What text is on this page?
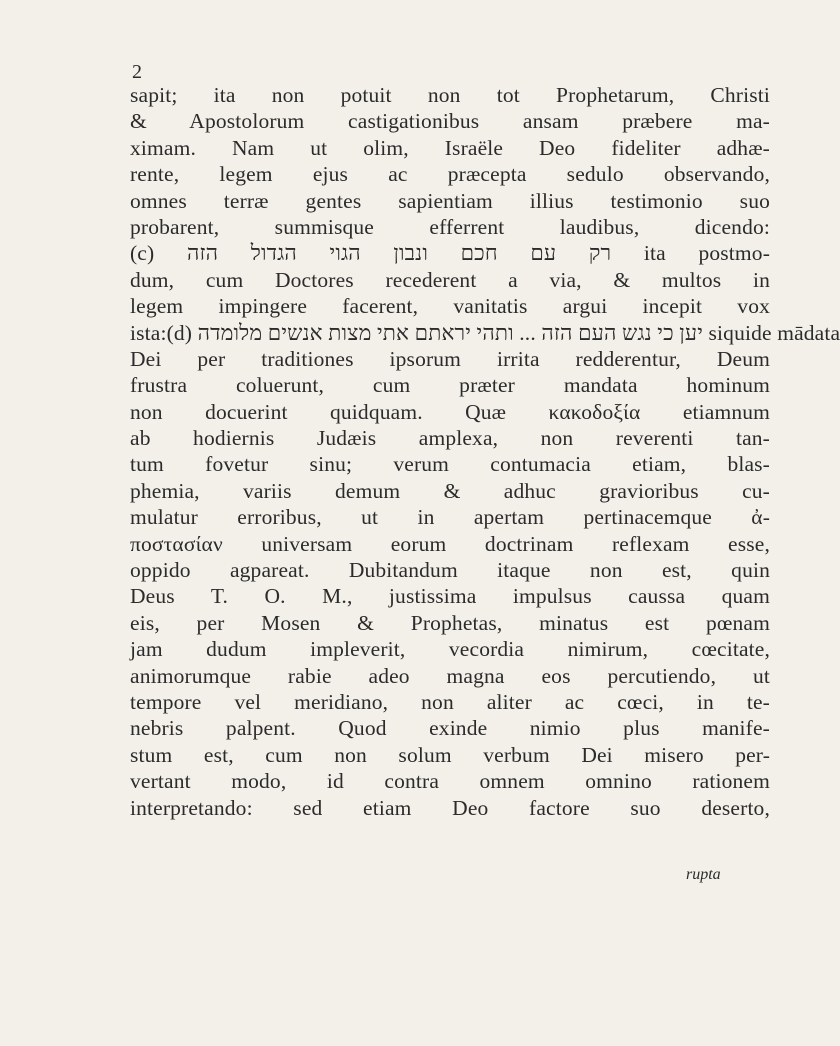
2
sapit; ita non potuit non tot Prophetarum, Christi
& Apostolorum castigationibus ansam præbere ma-
ximam. Nam ut olim, Israële Deo fideliter adhæ-
rente, legem ejus ac præcepta sedulo observando,
omnes terræ gentes sapientiam illius testimonio suo
probarent, summisque efferrent laudibus, dicendo:
(c) רק עם חכם ונבון הגוי הגדול הזה ita postmo-
dum, cum Doctores recederent a via, & multos in
legem impingere facerent, vanitatis argui incepit vox
ista:(d) יען כי נגש העם הזה ... ותהי יראתם אתי מצות אנשים מלומדה siquide mādata
Dei per traditiones ipsorum irrita redderentur, Deum
frustra coluerunt, cum præter mandata hominum
non docuerint quidquam. Quæ κακοδοξία etiamnum
ab hodiernis Judæis amplexa, non reverenti tan-
tum fovetur sinu; verum contumacia etiam, blas-
phemia, variis demum & adhuc gravioribus cu-
mulatur erroribus, ut in apertam pertinacemque ἀ-
ποστασίαν universam eorum doctrinam reflexam esse,
oppido agpareat. Dubitandum itaque non est, quin
Deus T. O. M., justissima impulsus caussa quam
eis, per Mosen & Prophetas, minatus est pœnam
jam dudum impleverit, vecordia nimirum, cœcitate,
animorumque rabie adeo magna eos percutiendo, ut
tempore vel meridiano, non aliter ac cœci, in te-
nebris palpent. Quod exinde nimio plus manife-
stum est, cum non solum verbum Dei misero per-
vertant modo, id contra omnem omnino rationem
interpretando: sed etiam Deo factore suo deserto,
rupta
